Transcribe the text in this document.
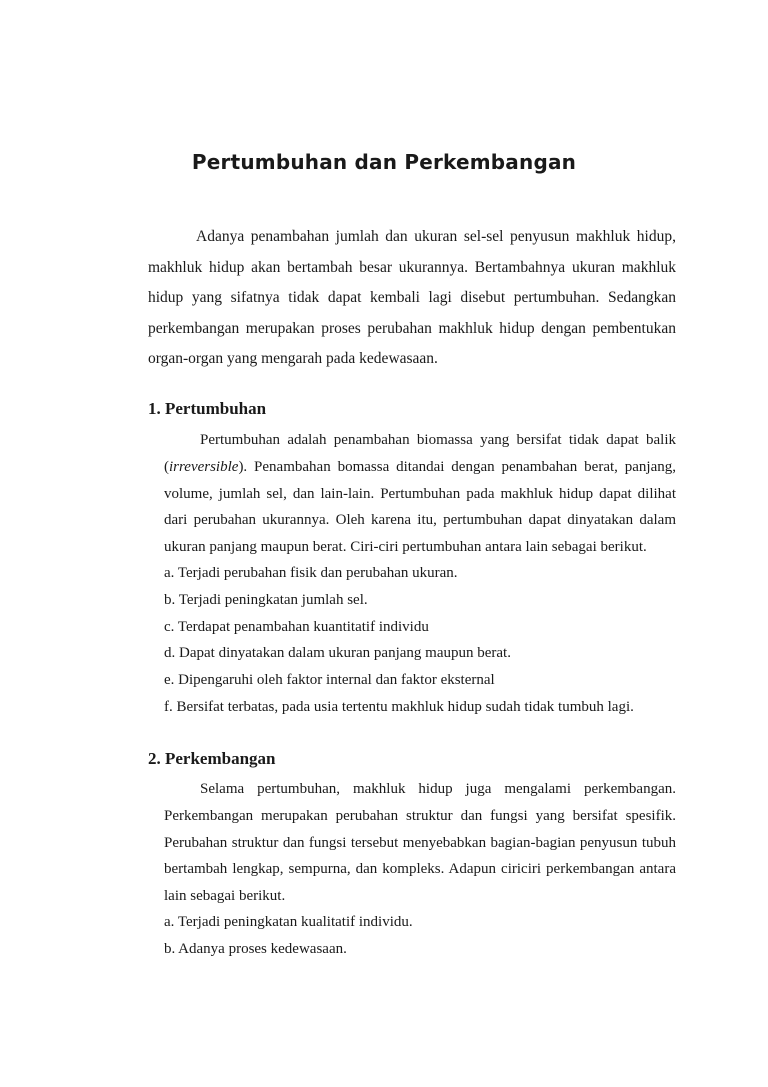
Pertumbuhan dan Perkembangan

Adanya penambahan jumlah dan ukuran sel-sel penyusun makhluk hidup, makhluk hidup akan bertambah besar ukurannya. Bertambahnya ukuran makhluk hidup yang sifatnya tidak dapat kembali lagi disebut pertumbuhan. Sedangkan perkembangan merupakan proses perubahan makhluk hidup dengan pembentukan organ-organ yang mengarah pada kedewasaan.

1. Pertumbuhan

Pertumbuhan adalah penambahan biomassa yang bersifat tidak dapat balik (irreversible). Penambahan bomassa ditandai dengan penambahan berat, panjang, volume, jumlah sel, dan lain-lain. Pertumbuhan pada makhluk hidup dapat dilihat dari perubahan ukurannya. Oleh karena itu, pertumbuhan dapat dinyatakan dalam ukuran panjang maupun berat. Ciri-ciri pertumbuhan antara lain sebagai berikut.

a. Terjadi perubahan fisik dan perubahan ukuran.
b. Terjadi peningkatan jumlah sel.
c. Terdapat penambahan kuantitatif individu
d. Dapat dinyatakan dalam ukuran panjang maupun berat.
e. Dipengaruhi oleh faktor internal dan faktor eksternal
f. Bersifat terbatas, pada usia tertentu makhluk hidup sudah tidak tumbuh lagi.
2. Perkembangan

Selama pertumbuhan, makhluk hidup juga mengalami perkembangan. Perkembangan merupakan perubahan struktur dan fungsi yang bersifat spesifik. Perubahan struktur dan fungsi tersebut menyebabkan bagian-bagian penyusun tubuh bertambah lengkap, sempurna, dan kompleks. Adapun ciriciri perkembangan antara lain sebagai berikut.

a. Terjadi peningkatan kualitatif individu.
b. Adanya proses kedewasaan.
